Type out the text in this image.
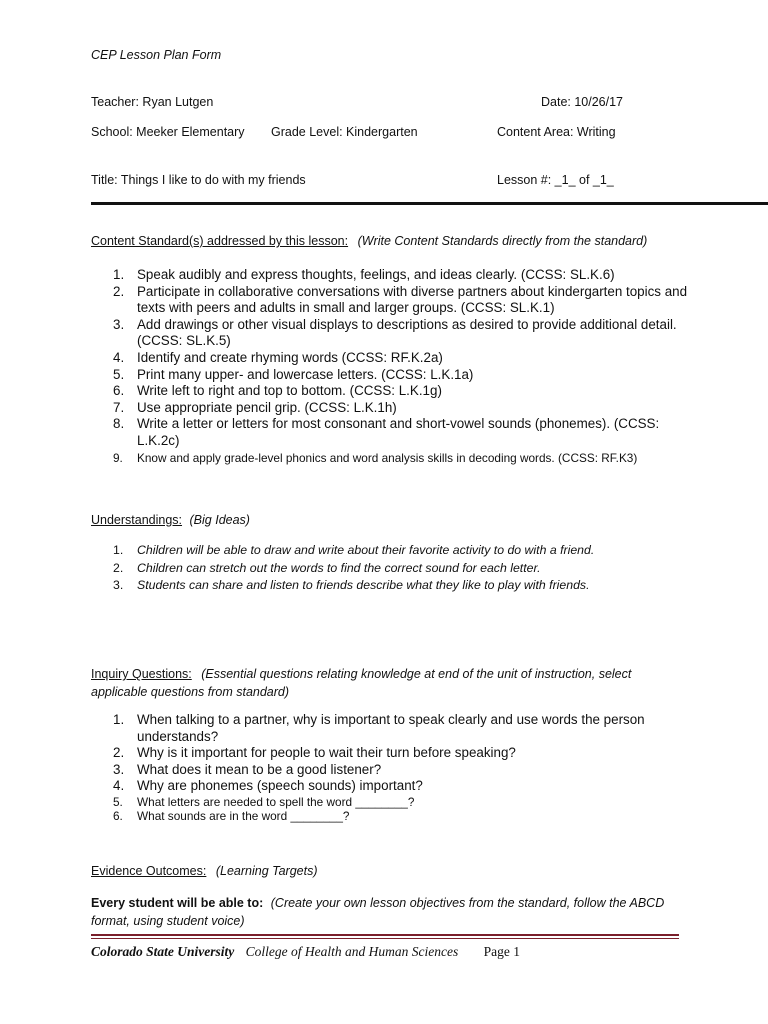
CEP Lesson Plan Form
Teacher: Ryan Lutgen	Date: 10/26/17
School: Meeker Elementary Grade Level: Kindergarten	Content Area: Writing
Title: Things I like to do with my friends	Lesson #: _1_ of _1_
Content Standard(s) addressed by this lesson: (Write Content Standards directly from the standard)
1. Speak audibly and express thoughts, feelings, and ideas clearly. (CCSS: SL.K.6)
2. Participate in collaborative conversations with diverse partners about kindergarten topics and texts with peers and adults in small and larger groups. (CCSS: SL.K.1)
3. Add drawings or other visual displays to descriptions as desired to provide additional detail. (CCSS: SL.K.5)
4. Identify and create rhyming words (CCSS: RF.K.2a)
5. Print many upper- and lowercase letters. (CCSS: L.K.1a)
6. Write left to right and top to bottom. (CCSS: L.K.1g)
7. Use appropriate pencil grip. (CCSS: L.K.1h)
8. Write a letter or letters for most consonant and short-vowel sounds (phonemes). (CCSS: L.K.2c)
9. Know and apply grade-level phonics and word analysis skills in decoding words. (CCSS: RF.K3)
Understandings: (Big Ideas)
1. Children will be able to draw and write about their favorite activity to do with a friend.
2. Children can stretch out the words to find the correct sound for each letter.
3. Students can share and listen to friends describe what they like to play with friends.
Inquiry Questions: (Essential questions relating knowledge at end of the unit of instruction, select applicable questions from standard)
1. When talking to a partner, why is important to speak clearly and use words the person understands?
2. Why is it important for people to wait their turn before speaking?
3. What does it mean to be a good listener?
4. Why are phonemes (speech sounds) important?
5. What letters are needed to spell the word ________?
6. What sounds are in the word ________?
Evidence Outcomes: (Learning Targets)
Every student will be able to: (Create your own lesson objectives from the standard, follow the ABCD format, using student voice)
Colorado State University College of Health and Human Sciences Page 1
